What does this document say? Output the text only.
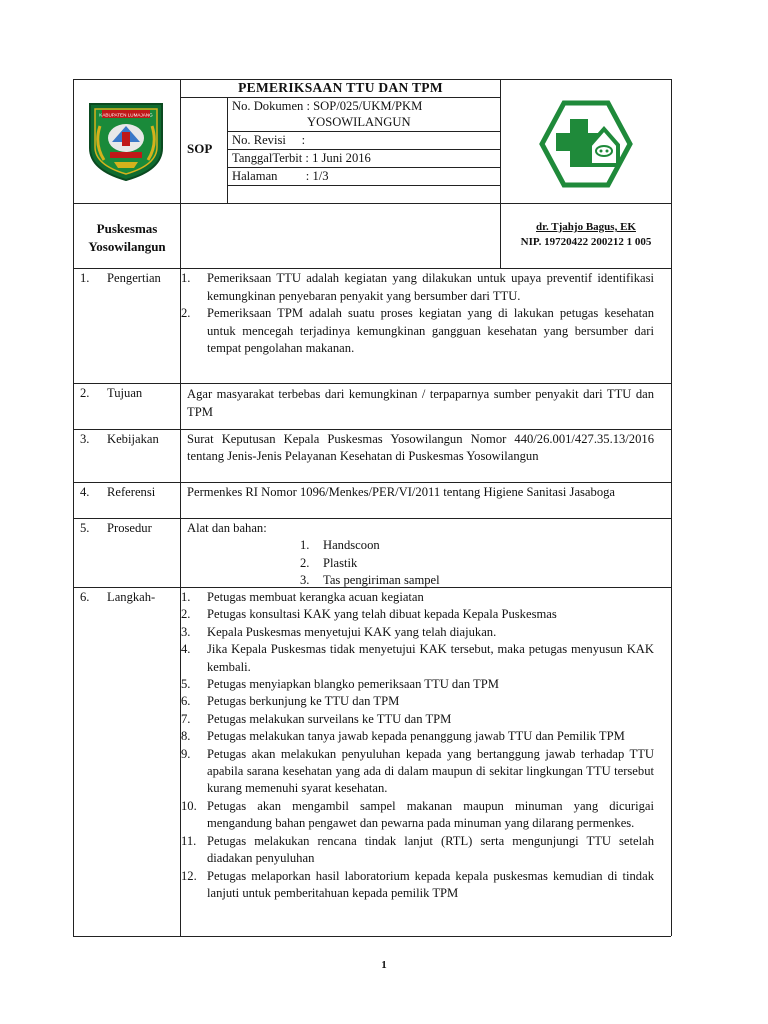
PEMERIKSAAN TTU DAN TPM
SOP
No. Dokumen : SOP/025/UKM/PKM
YOSOWILANGUN
No. Revisi     :
TanggalTerbit : 1 Juni 2016
Halaman         : 1/3
Puskesmas
Yosowilangun
dr. Tjahjo Bagus, EK
NIP. 19720422 200212 1 005
KABUPATEN LUMAJANG
1. Pengertian
2. Tujuan
3. Kebijakan
4. Referensi
5. Prosedur
6. Langkah-
1. Pemeriksaan TTU adalah kegiatan yang dilakukan untuk upaya preventif identifikasi kemungkinan penyebaran penyakit yang bersumber dari TTU.
2. Pemeriksaan TPM adalah suatu proses kegiatan yang di lakukan petugas kesehatan untuk mencegah terjadinya kemungkinan gangguan kesehatan yang bersumber dari tempat pengolahan makanan.
Agar masyarakat terbebas dari kemungkinan / terpaparnya sumber penyakit dari TTU dan TPM
Surat Keputusan Kepala Puskesmas Yosowilangun Nomor 440/26.001/427.35.13/2016 tentang Jenis-Jenis Pelayanan Kesehatan di Puskesmas Yosowilangun
Permenkes RI Nomor 1096/Menkes/PER/VI/2011 tentang Higiene Sanitasi Jasaboga
Alat dan bahan:
1. Handscoon
2. Plastik
3. Tas pengiriman sampel
1. Petugas membuat kerangka acuan kegiatan
2. Petugas konsultasi KAK yang telah dibuat kepada Kepala Puskesmas
3. Kepala Puskesmas menyetujui KAK yang telah diajukan.
4. Jika Kepala Puskesmas tidak menyetujui KAK tersebut, maka petugas menyusun KAK kembali.
5. Petugas menyiapkan blangko pemeriksaan TTU dan TPM
6. Petugas berkunjung ke TTU dan TPM
7. Petugas melakukan surveilans ke TTU dan TPM
8. Petugas melakukan tanya jawab kepada penanggung jawab TTU dan Pemilik TPM
9. Petugas akan melakukan penyuluhan kepada yang bertanggung jawab terhadap TTU apabila sarana kesehatan yang ada di dalam maupun di sekitar lingkungan TTU tersebut kurang memenuhi syarat kesehatan.
10. Petugas akan mengambil sampel makanan maupun minuman yang dicurigai mengandung bahan pengawet dan pewarna pada minuman yang dilarang permenkes.
11. Petugas melakukan rencana tindak lanjut (RTL) serta mengunjungi TTU setelah diadakan penyuluhan
12. Petugas melaporkan hasil laboratorium kepada kepala puskesmas kemudian di tindak lanjuti untuk pemberitahuan kepada pemilik TPM
1
